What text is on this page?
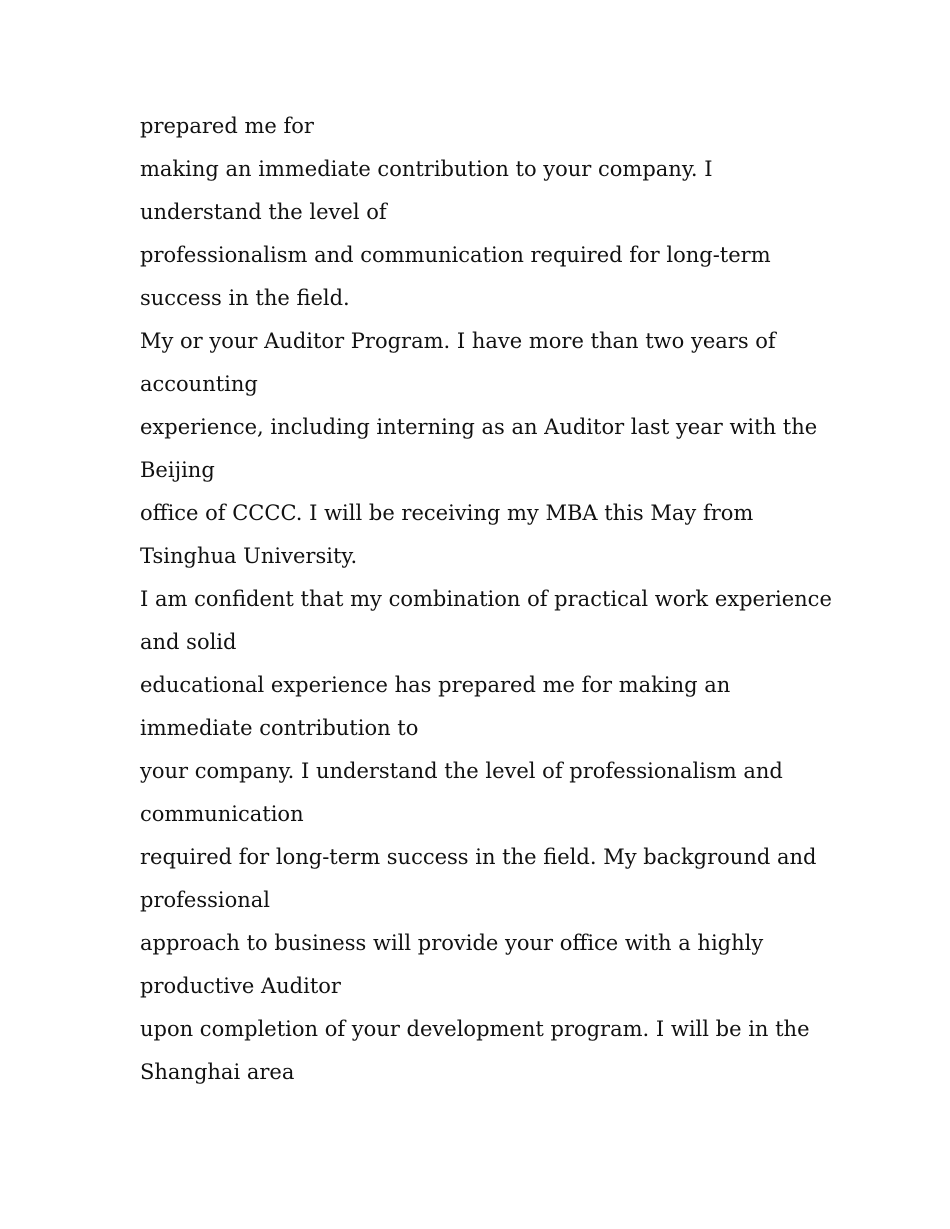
prepared me for
making an immediate contribution to your company. I
understand the level of
professionalism and communication required for long-term
success in the field.
My or your Auditor Program. I have more than two years of
accounting
experience, including interning as an Auditor last year with the
Beijing
office of CCCC. I will be receiving my MBA this May from
Tsinghua University.
I am confident that my combination of practical work experience
and solid
educational experience has prepared me for making an
immediate contribution to
your company. I understand the level of professionalism and
communication
required for long-term success in the field. My background and
professional
approach to business will provide your office with a highly
productive Auditor
upon completion of your development program. I will be in the
Shanghai area
